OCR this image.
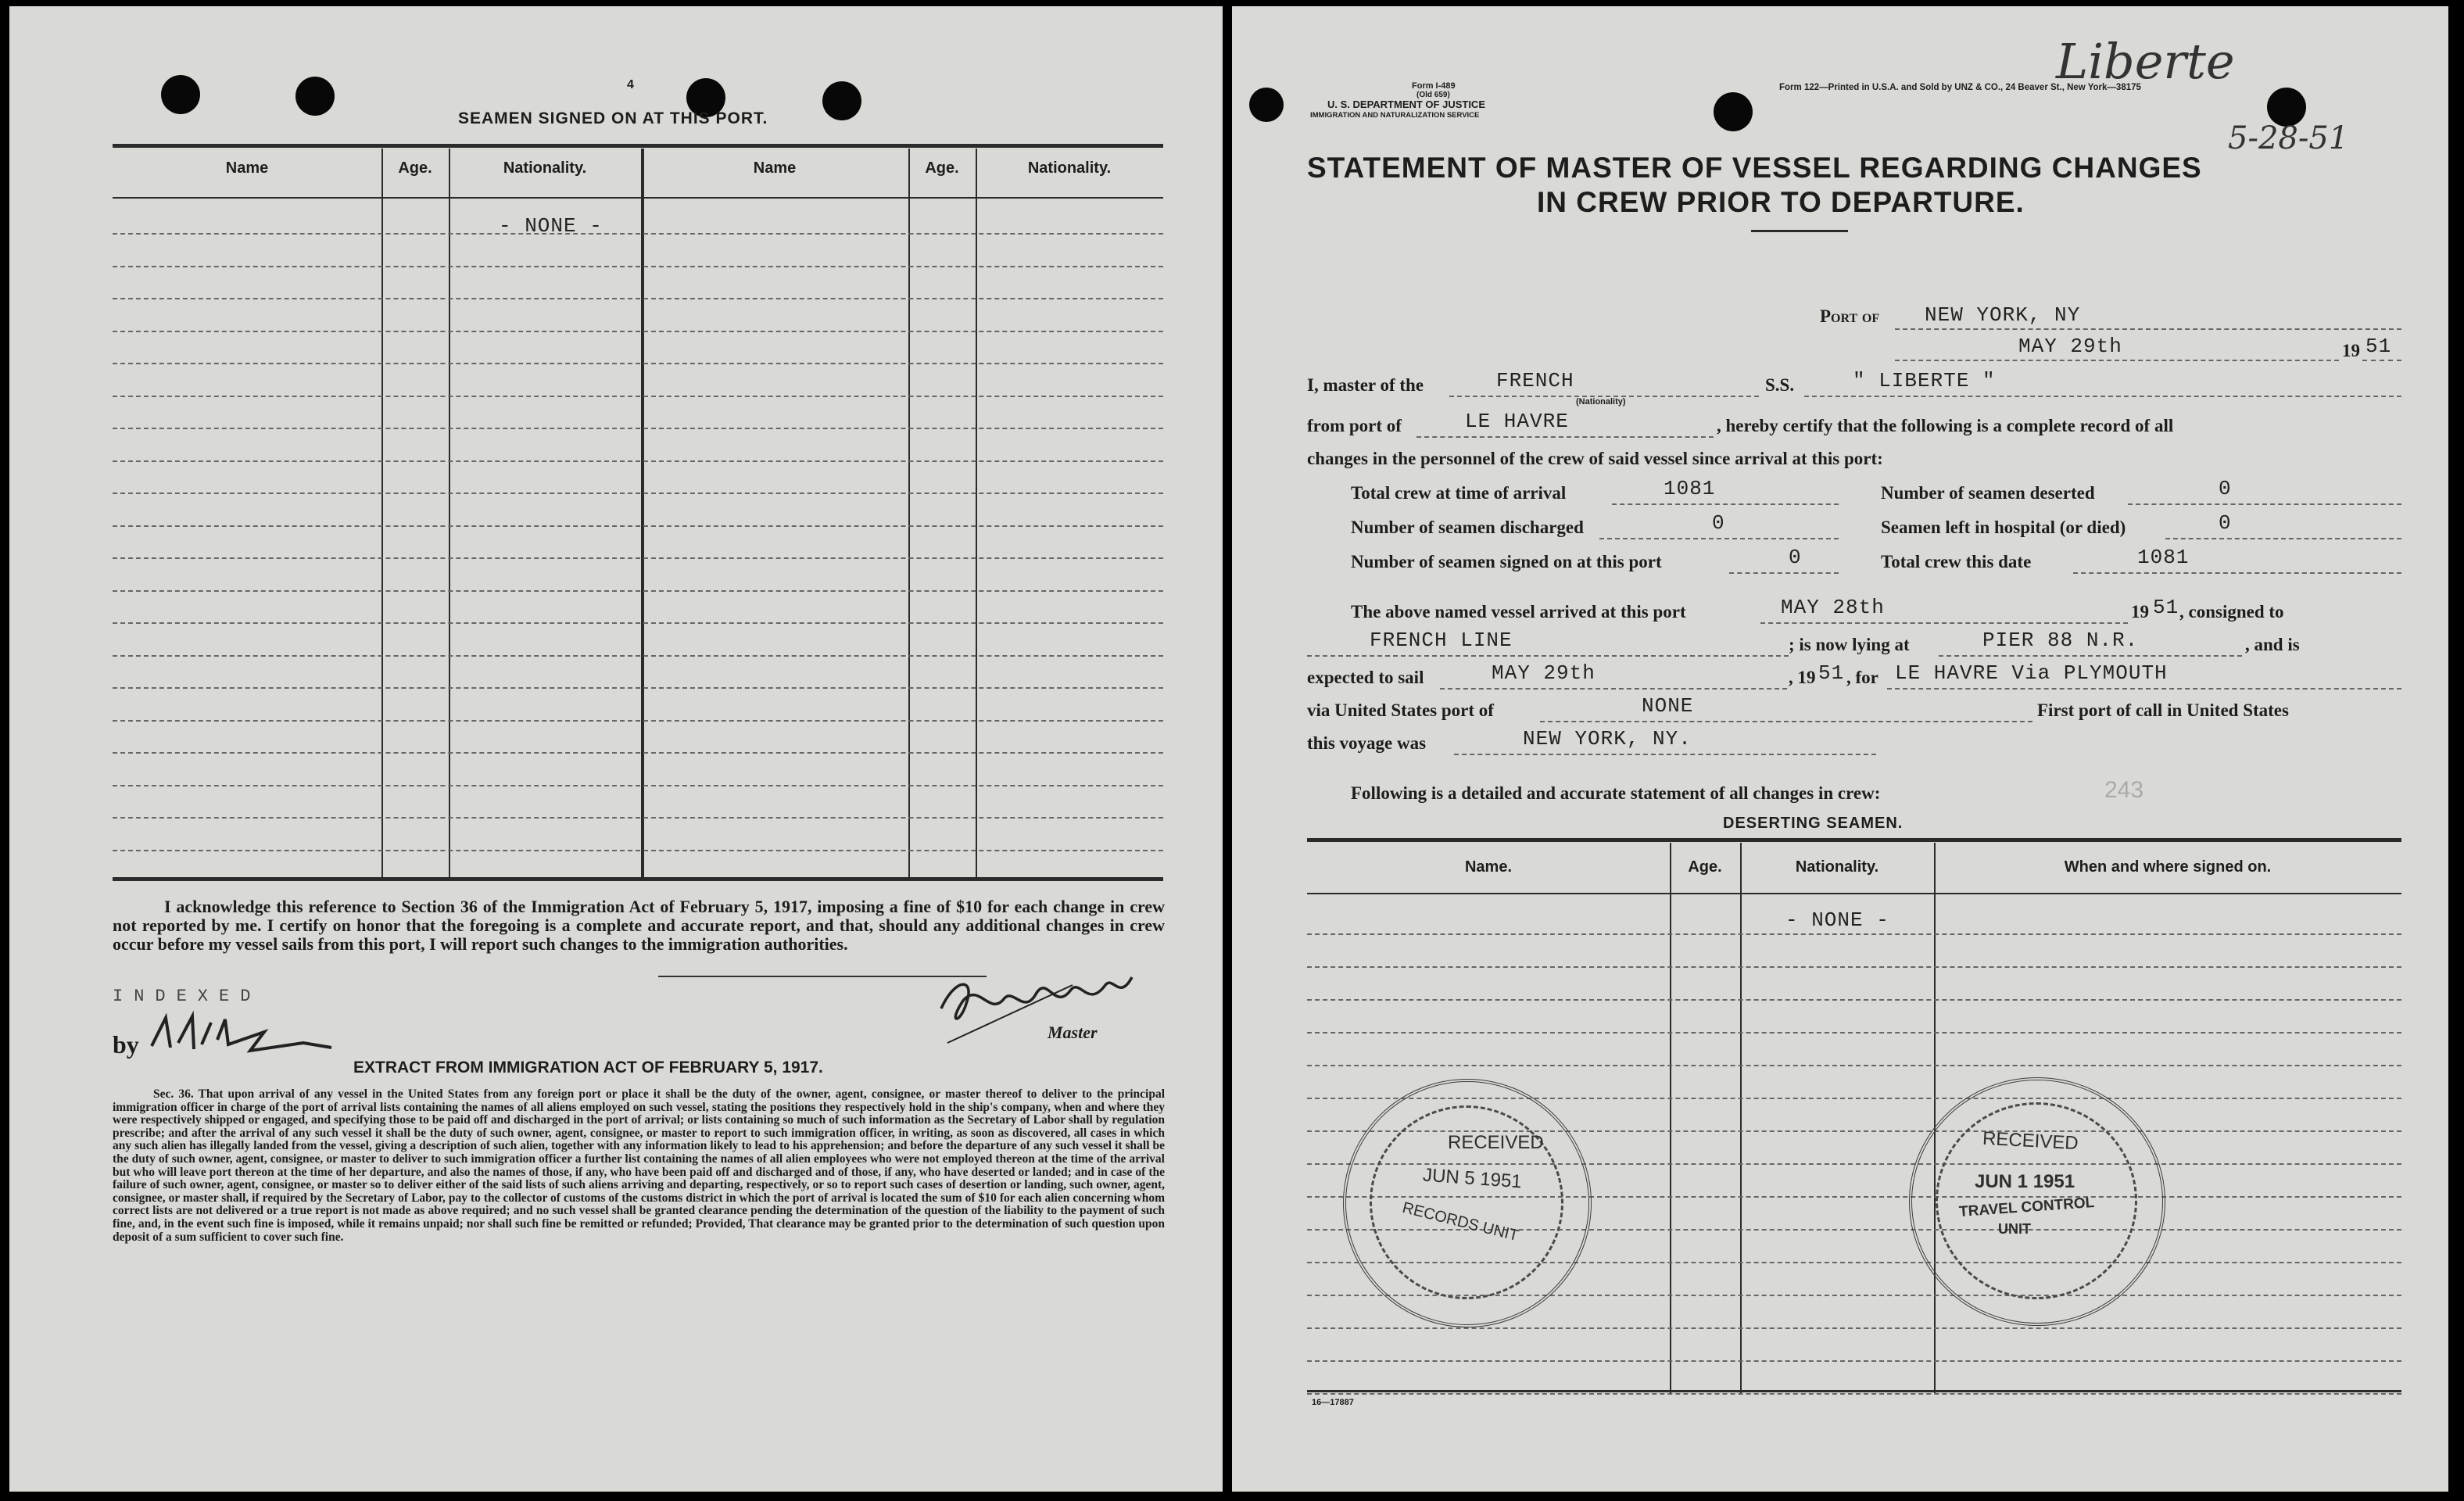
4
SEAMEN SIGNED ON AT THIS PORT.
Name	Age.	Nationality.	Name	Age.	Nationality.
- NONE -
I acknowledge this reference to Section 36 of the Immigration Act of February 5, 1917, imposing a fine of $10 for each change in crew not reported by me. I certify on honor that the foregoing is a complete and accurate report, and that, should any additional changes in crew occur before my vessel sails from this port, I will report such changes to the immigration authorities.
INDEXED
by	Master
EXTRACT FROM IMMIGRATION ACT OF FEBRUARY 5, 1917.
Sec. 36. That upon arrival of any vessel in the United States from any foreign port or place it shall be the duty of the owner, agent, consignee, or master thereof to deliver to the principal immigration officer in charge of the port of arrival lists containing the names of all aliens employed on such vessel, stating the positions they respectively hold in the ship's company, when and where they were respectively shipped or engaged, and specifying those to be paid off and discharged in the port of arrival; or lists containing so much of such information as the Secretary of Labor shall by regulation prescribe; and after the arrival of any such vessel it shall be the duty of such owner, agent, consignee, or master to report to such immigration officer, in writing, as soon as discovered, all cases in which any such alien has illegally landed from the vessel, giving a description of such alien, together with any information likely to lead to his apprehension; and before the departure of any such vessel it shall be the duty of such owner, agent, consignee, or master to deliver to such immigration officer a further list containing the names of all alien employees who were not employed thereon at the time of the arrival but who will leave port thereon at the time of her departure, and also the names of those, if any, who have been paid off and discharged and of those, if any, who have deserted or landed; and in case of the failure of such owner, agent, consignee, or master so to deliver either of the said lists of such aliens arriving and departing, respectively, or so to report such cases of desertion or landing, such owner, agent, consignee, or master shall, if required by the Secretary of Labor, pay to the collector of customs of the customs district in which the port of arrival is located the sum of $10 for each alien concerning whom correct lists are not delivered or a true report is not made as above required; and no such vessel shall be granted clearance pending the determination of the question of the liability to the payment of such fine, and, in the event such fine is imposed, while it remains unpaid; nor shall such fine be remitted or refunded; Provided, That clearance may be granted prior to the determination of such question upon deposit of a sum sufficient to cover such fine.
Form I-489
(Old 659)
U. S. DEPARTMENT OF JUSTICE
IMMIGRATION AND NATURALIZATION SERVICE
Form 122—Printed in U.S.A. and Sold by UNZ & CO., 24 Beaver St., New York—38175
Liberte
5-28-51
STATEMENT OF MASTER OF VESSEL REGARDING CHANGES
IN CREW PRIOR TO DEPARTURE.
Port of NEW YORK, NY
MAY 29th	19 51
I, master of the	FRENCH
(Nationality)
S.S.	" LIBERTE "
from port of	LE HAVRE	, hereby certify that the following is a complete record of all
changes in the personnel of the crew of said vessel since arrival at this port:
Total crew at time of arrival	1081	Number of seamen deserted	0
Number of seamen discharged	0	Seamen left in hospital (or died)	0
Number of seamen signed on at this port	0	Total crew this date	1081
The above named vessel arrived at this port	MAY 28th	19 51 , consigned to
FRENCH LINE	; is now lying at	PIER 88 N.R.	, and is
expected to sail	MAY 29th	, 19 51 , for LE HAVRE Via PLYMOUTH
via United States port of	NONE	First port of call in United States
this voyage was	NEW YORK, NY.
Following is a detailed and accurate statement of all changes in crew:	243
DESERTING SEAMEN.
Name.	Age.	Nationality.	When and where signed on.
- NONE -
RECEIVED
JUN 5 1951
RECORDS UNIT
RECEIVED
JUN 1 1951
TRAVEL CONTROL
UNIT
16—17887
